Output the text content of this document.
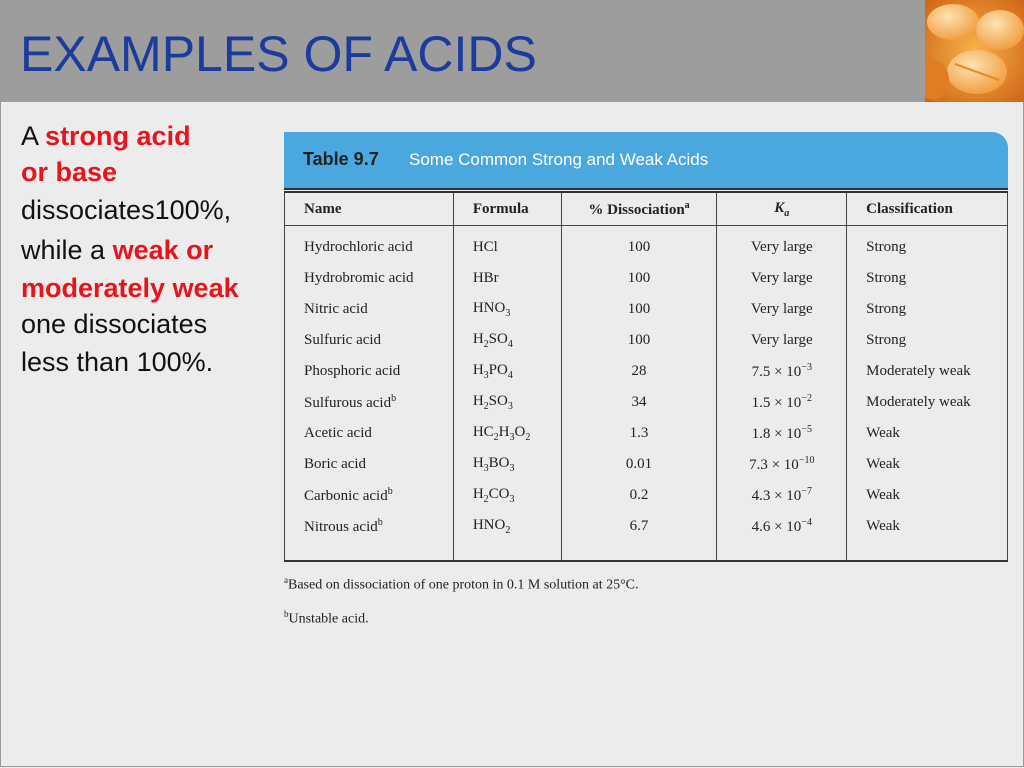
EXAMPLES OF ACIDS
A strong acid
or base
dissociates100%,
while a weak or
moderately weak
one dissociates
less than 100%.
Table 9.7 Some Common Strong and Weak Acids
Name	Formula	% Dissociation$^a$	$K_a$	Classification
Hydrochloric acid	HCl	100	Very large	Strong
Hydrobromic acid	HBr	100	Very large	Strong
Nitric acid	$HNO_3$	100	Very large	Strong
Sulfuric acid	$H_2SO_4$	100	Very large	Strong
Phosphoric acid	$H_3PO_4$	28	$7.5 \times 10^{-3}$	Moderately weak
Sulfurous acid$^b$	$H_2SO_3$	34	$1.5 \times 10^{-2}$	Moderately weak
Acetic acid	$HC_2H_3O_2$	1.3	$1.8 \times 10^{-5}$	Weak
Boric acid	$H_3BO_3$	0.01	$7.3 \times 10^{-10}$	Weak
Carbonic acid$^b$	$H_2CO_3$	0.2	$4.3 \times 10^{-7}$	Weak
Nitrous acid$^b$	$HNO_2$	6.7	$4.6 \times 10^{-4}$	Weak

$^a$Based on dissociation of one proton in 0.1 M solution at 25°C.
$^b$Unstable acid.
